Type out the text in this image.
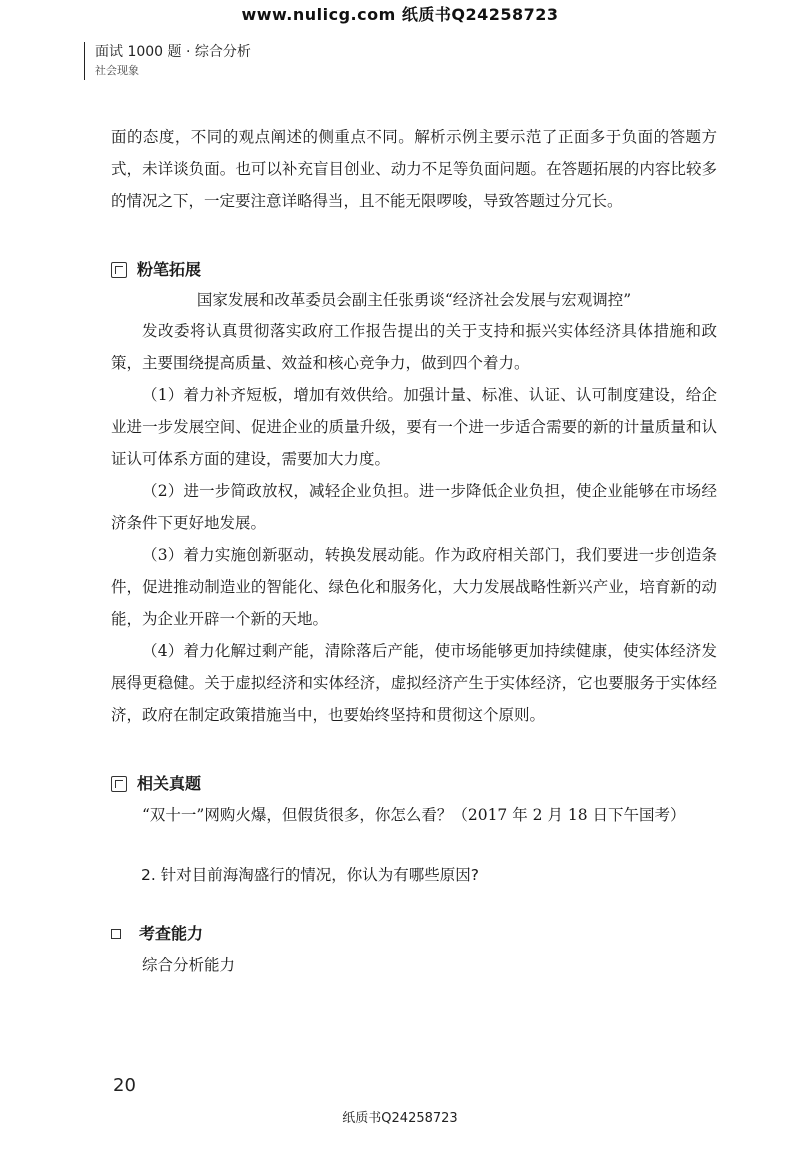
www.nulicg.com 纸质书Q24258723
面试 1000 题 · 综合分析
社会现象

面的态度，不同的观点阐述的侧重点不同。解析示例主要示范了正面多于负面的答题方式，未详谈负面。也可以补充盲目创业、动力不足等负面问题。在答题拓展的内容比较多的情况之下，一定要注意详略得当，且不能无限啰唆，导致答题过分冗长。

粉笔拓展

国家发展和改革委员会副主任张勇谈“经济社会发展与宏观调控”

发改委将认真贯彻落实政府工作报告提出的关于支持和振兴实体经济具体措施和政策，主要围绕提高质量、效益和核心竞争力，做到四个着力。

（1）着力补齐短板，增加有效供给。加强计量、标准、认证、认可制度建设，给企业进一步发展空间、促进企业的质量升级，要有一个进一步适合需要的新的计量质量和认证认可体系方面的建设，需要加大力度。

（2）进一步简政放权，减轻企业负担。进一步降低企业负担，使企业能够在市场经济条件下更好地发展。

（3）着力实施创新驱动，转换发展动能。作为政府相关部门，我们要进一步创造条件，促进推动制造业的智能化、绿色化和服务化，大力发展战略性新兴产业，培育新的动能，为企业开辟一个新的天地。

（4）着力化解过剩产能，清除落后产能，使市场能够更加持续健康，使实体经济发展得更稳健。关于虚拟经济和实体经济，虚拟经济产生于实体经济，它也要服务于实体经济，政府在制定政策措施当中，也要始终坚持和贯彻这个原则。

相关真题

“双十一”网购火爆，但假货很多，你怎么看？（2017 年 2 月 18 日下午国考）

2. 针对目前海淘盛行的情况，你认为有哪些原因?
考查能力

综合分析能力

20
纸质书Q24258723
